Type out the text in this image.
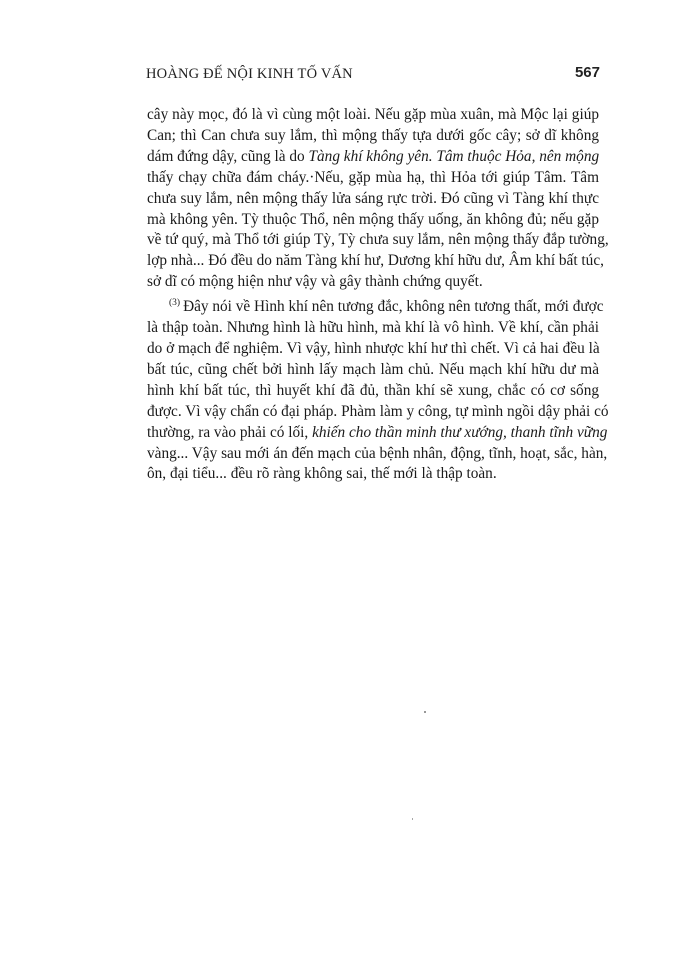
HOÀNG ĐẾ NỘI KINH TỐ VẤN	567
cây này mọc, đó là vì cùng một loài. Nếu gặp mùa xuân, mà Mộc lại giúp
Can; thì Can chưa suy lắm, thì mộng thấy tựa dưới gốc cây; sở dĩ không
dám đứng dậy, cũng là do Tàng khí không yên. Tâm thuộc Hỏa, nên mộng
thấy chạy chữa đám cháy.·Nếu, gặp mùa hạ, thì Hỏa tới giúp Tâm. Tâm
chưa suy lắm, nên mộng thấy lửa sáng rực trời. Đó cũng vì Tàng khí thực
mà không yên. Tỳ thuộc Thổ, nên mộng thấy uống, ăn không đủ; nếu gặp
về tứ quý, mà Thổ tới giúp Tỳ, Tỳ chưa suy lắm, nên mộng thấy đắp tường,
lợp nhà... Đó đều do năm Tàng khí hư, Dương khí hữu dư, Âm khí bất túc,
sở dĩ có mộng hiện như vậy và gây thành chứng quyết.
$^{(3)}$ Đây nói về Hình khí nên tương đắc, không nên tương thất, mới được
là thập toàn. Nhưng hình là hữu hình, mà khí là vô hình. Về khí, cần phải
do ở mạch để nghiệm. Vì vậy, hình nhược khí hư thì chết. Vì cả hai đều là
bất túc, cũng chết bởi hình lấy mạch làm chủ. Nếu mạch khí hữu dư mà
hình khí bất túc, thì huyết khí đã đủ, thần khí sẽ xung, chắc có cơ sống
được. Vì vậy chẩn có đại pháp. Phàm làm y công, tự mình ngồi dậy phải có
thường, ra vào phải có lối, khiến cho thần minh thư xướng, thanh tĩnh vững
vàng... Vậy sau mới án đến mạch của bệnh nhân, động, tĩnh, hoạt, sắc, hàn,
ôn, đại tiểu... đều rõ ràng không sai, thế mới là thập toàn.
